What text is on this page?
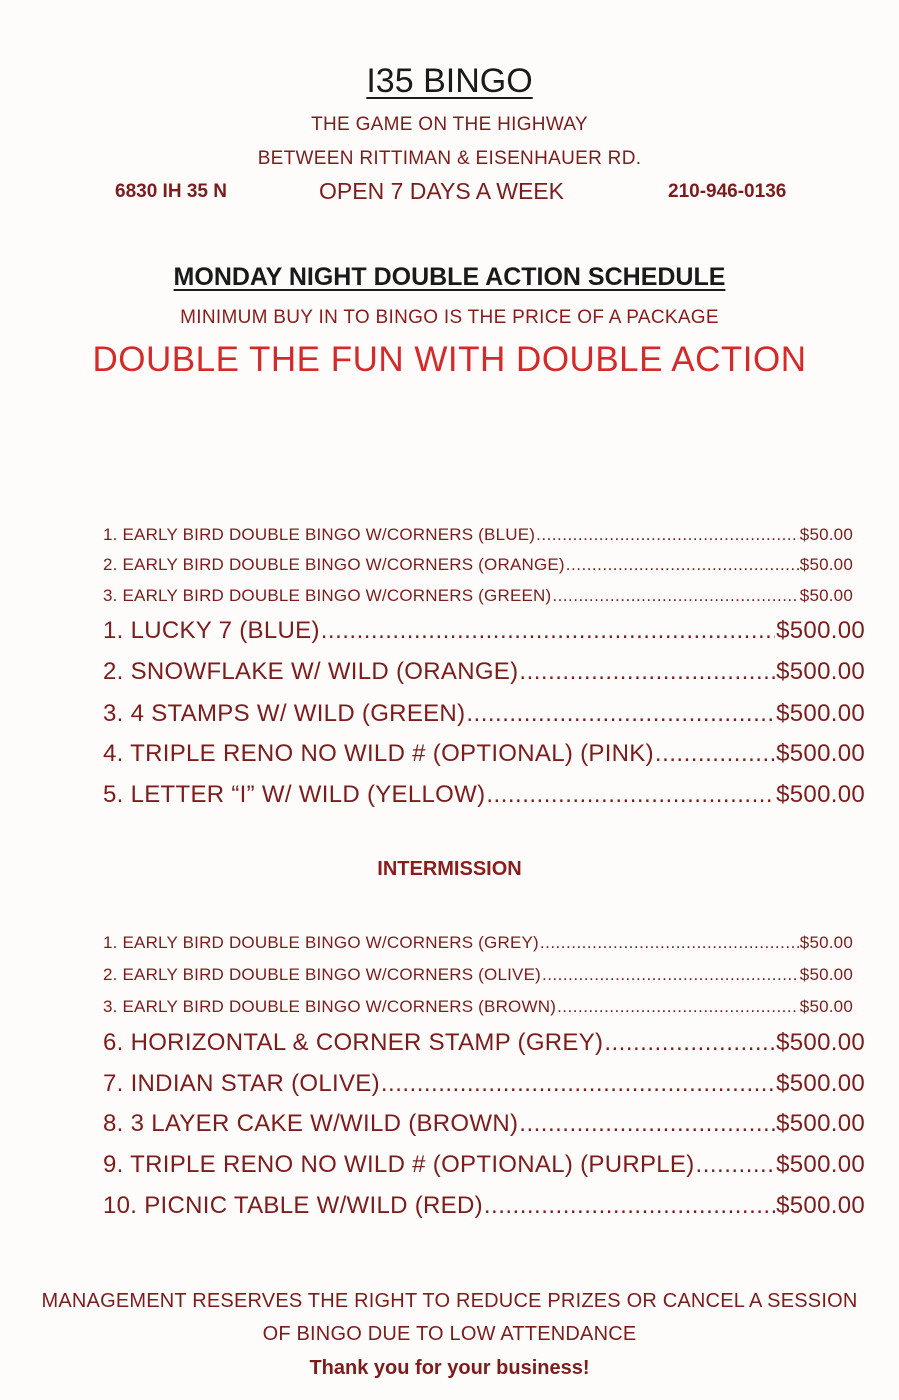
I35 BINGO
THE GAME ON THE HIGHWAY
BETWEEN RITTIMAN & EISENHAUER RD.
6830 IH 35 N	OPEN 7 DAYS A WEEK	210-946-0136
MONDAY NIGHT DOUBLE ACTION SCHEDULE
MINIMUM BUY IN TO BINGO IS THE PRICE OF A PACKAGE
DOUBLE THE FUN WITH DOUBLE ACTION
1. EARLY BIRD DOUBLE BINGO W/CORNERS (BLUE) .....	$50.00
2. EARLY BIRD DOUBLE BINGO W/CORNERS (ORANGE) .....	$50.00
3. EARLY BIRD DOUBLE BINGO W/CORNERS (GREEN) .....	$50.00
1. LUCKY 7 (BLUE) .....	$500.00
2. SNOWFLAKE W/ WILD (ORANGE) .....	$500.00
3. 4 STAMPS W/ WILD (GREEN) .....	$500.00
4. TRIPLE RENO NO WILD # (OPTIONAL) (PINK) .....	$500.00
5. LETTER “I” W/ WILD (YELLOW) .....	$500.00
INTERMISSION
1. EARLY BIRD DOUBLE BINGO W/CORNERS (GREY) .....	$50.00
2. EARLY BIRD DOUBLE BINGO W/CORNERS (OLIVE) .....	$50.00
3. EARLY BIRD DOUBLE BINGO W/CORNERS (BROWN) .....	$50.00
6. HORIZONTAL & CORNER STAMP (GREY) .....	$500.00
7. INDIAN STAR (OLIVE) .....	$500.00
8. 3 LAYER CAKE W/WILD (BROWN) .....	$500.00
9. TRIPLE RENO NO WILD # (OPTIONAL) (PURPLE) .....	$500.00
10. PICNIC TABLE W/WILD (RED) .....	$500.00
MANAGEMENT RESERVES THE RIGHT TO REDUCE PRIZES OR CANCEL A SESSION
OF BINGO DUE TO LOW ATTENDANCE
Thank you for your business!
